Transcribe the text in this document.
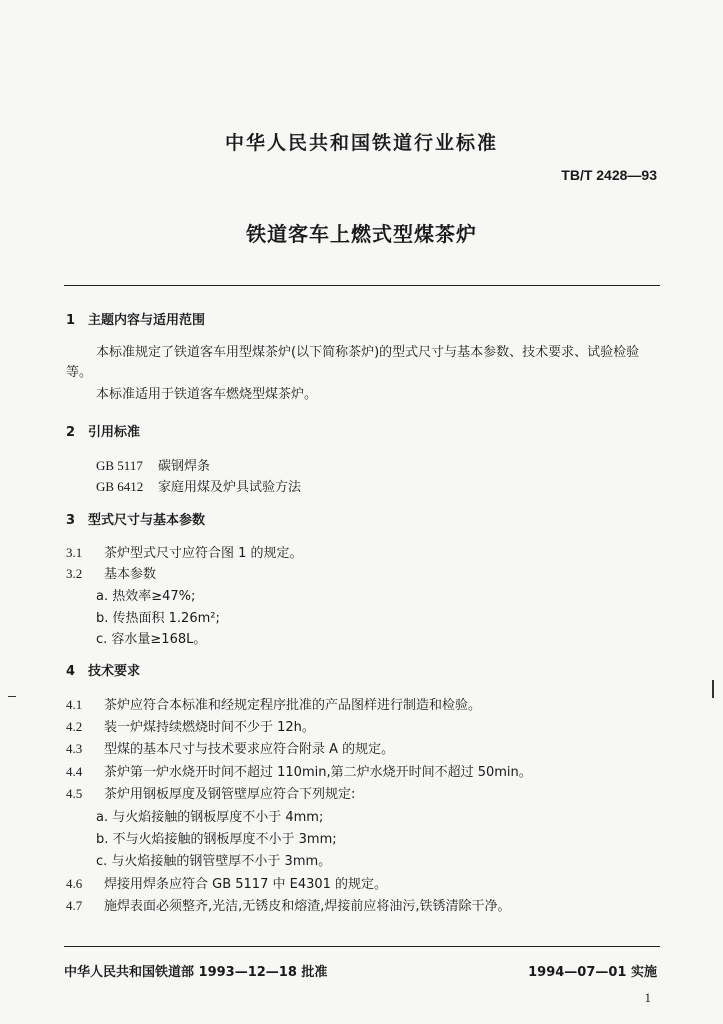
中华人民共和国铁道行业标准
TB/T 2428—93
铁道客车上燃式型煤茶炉
1 主题内容与适用范围
本标准规定了铁道客车用型煤茶炉(以下简称茶炉)的型式尺寸与基本参数、技术要求、试验检验等。
本标准适用于铁道客车燃烧型煤茶炉。
2 引用标准
GB 5117 碳钢焊条
GB 6412 家庭用煤及炉具试验方法
3 型式尺寸与基本参数
3.1 茶炉型式尺寸应符合图 1 的规定。
3.2 基本参数
a. 热效率≥47%;
b. 传热面积 1.26m²;
c. 容水量≥168L。
4 技术要求
4.1 茶炉应符合本标准和经规定程序批准的产品图样进行制造和检验。
4.2 装一炉煤持续燃烧时间不少于 12h。
4.3 型煤的基本尺寸与技术要求应符合附录 A 的规定。
4.4 茶炉第一炉水烧开时间不超过 110min,第二炉水烧开时间不超过 50min。
4.5 茶炉用钢板厚度及钢管壁厚应符合下列规定:
a. 与火焰接触的钢板厚度不小于 4mm;
b. 不与火焰接触的钢板厚度不小于 3mm;
c. 与火焰接触的钢管壁厚不小于 3mm。
4.6 焊接用焊条应符合 GB 5117 中 E4301 的规定。
4.7 施焊表面必须整齐,光洁,无锈皮和熔渣,焊接前应将油污,铁锈清除干净。
中华人民共和国铁道部 1993—12—18 批准	1994—07—01 实施
1
